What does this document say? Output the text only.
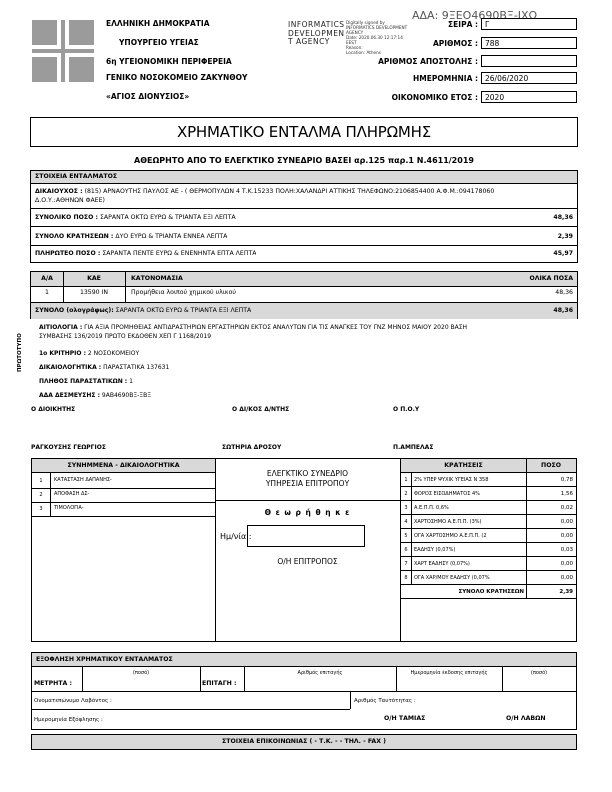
ΑΔΑ: 9ΞΕΟ4690ΒΞ-ΙΧΩ
ΕΛΛΗΝΙΚΗ ΔΗΜΟΚΡΑΤΙΑ
ΥΠΟΥΡΓΕΙΟ ΥΓΕΙΑΣ
6η ΥΓΕΙΟΝΟΜΙΚΗ ΠΕΡΙΦΕΡΕΙΑ
ΓΕΝΙΚΟ ΝΟΣΟΚΟΜΕΙΟ ΖΑΚΥΝΘΟΥ
«ΑΓΙΟΣ ΔΙΟΝΥΣΙΟΣ»
INFORMATICS
DEVELOPMEN
T AGENCY
Digitally signed by
INFORMATICS DEVELOPMENT
AGENCY
Date: 2020.06.30 12:17:14
EEST
Reason:
Location: Athens
ΣΕΙΡΑ : Γ
ΑΡΙΘΜΟΣ : 788
ΑΡΙΘΜΟΣ ΑΠΟΣΤΟΛΗΣ :
ΗΜΕΡΟΜΗΝΙΑ : 26/06/2020
ΟΙΚΟΝΟΜΙΚΟ ΕΤΟΣ : 2020
ΧΡΗΜΑΤΙΚΟ ΕΝΤΑΛΜΑ ΠΛΗΡΩΜΗΣ
ΑΘΕΩΡΗΤΟ ΑΠΟ ΤΟ ΕΛΕΓΚΤΙΚΟ ΣΥΝΕΔΡΙΟ ΒΑΣΕΙ αρ.125 παρ.1 Ν.4611/2019
ΣΤΟΙΧΕΙΑ ΕΝΤΑΛΜΑΤΟΣ
ΔΙΚΑΙΟΥΧΟΣ : (815) ΑΡΝΑΟΥΤΗΣ ΠΑΥΛΟΣ ΑΕ - ( ΘΕΡΜΟΠΥΛΩΝ 4 Τ.Κ.15233 ΠΟΛΗ:ΧΑΛΑΝΔΡΙ ΑΤΤΙΚΗΣ ΤΗΛΕΦΩΝΟ:2106854400 Α.Φ.Μ.:094178060
Δ.Ο.Υ.:ΑΘΗΝΩΝ ΦΑΕΕ)
ΣΥΝΟΛΙΚΟ ΠΟΣΟ : ΣΑΡΑΝΤΑ ΟΚΤΩ ΕΥΡΩ & ΤΡΙΑΝΤΑ ΕΞΙ ΛΕΠΤΑ	48,36
ΣΥΝΟΛΟ ΚΡΑΤΗΣΕΩΝ : ΔΥΟ ΕΥΡΩ & ΤΡΙΑΝΤΑ ΕΝΝΕΑ ΛΕΠΤΑ	2,39
ΠΛΗΡΩΤΕΟ ΠΟΣΟ : ΣΑΡΑΝΤΑ ΠΕΝΤΕ ΕΥΡΩ & ΕΝΕΝΗΝΤΑ ΕΠΤΑ ΛΕΠΤΑ	45,97
Α/Α	ΚΑΕ	ΚΑΤΟΝΟΜΑΣΙΑ	ΟΛΙΚΑ ΠΟΣΑ
1	13590 ΙΝ	Προμήθεια λοιπού χημικού υλικού	48,36
ΣΥΝΟΛΟ (ολογράφως): ΣΑΡΑΝΤΑ ΟΚΤΩ ΕΥΡΩ & ΤΡΙΑΝΤΑ ΕΞΙ ΛΕΠΤΑ	48,36
ΑΙΤΙΟΛΟΓΙΑ : ΓΙΑ ΑΞΙΑ ΠΡΟΜΗΘΕΙΑΣ ΑΝΤΙΔΡΑΣΤΗΡΙΩΝ ΕΡΓΑΣΤΗΡΙΩΝ ΕΚΤΟΣ ΑΝΑΛΥΤΩΝ ΓΙΑ ΤΙΣ ΑΝΑΓΚΕΣ ΤΟΥ ΓΝΖ ΜΗΝΟΣ ΜΑΙΟΥ 2020 ΒΑΣΗ
ΣΥΜΒΑΣΗΣ 136/2019 ΠΡΩΤΟ ΕΚΔΟΘΕΝ ΧΕΠ Γ 1168/2019
1ο ΚΡΙΤΗΡΙΟ : 2 ΝΟΣΟΚΟΜΕΙΟΥ
ΔΙΚΑΙΟΛΟΓΗΤΙΚΑ : ΠΑΡΑΣΤΑΤΙΚΑ 137631
ΠΛΗΘΟΣ ΠΑΡΑΣΤΑΤΙΚΩΝ : 1
ΑΔΑ ΔΕΣΜΕΥΣΗΣ : 9ΑΒ4690ΒΞ-ΞΒΞ
ΠΡΩΤΟΤΥΠΟ
Ο ΔΙΟΙΚΗΤΗΣ	Ο ΔΙ/ΚΟΣ Δ/ΝΤΗΣ	Ο Π.Ο.Υ
ΡΑΓΚΟΥΣΗΣ ΓΕΩΡΓΙΟΣ	ΣΩΤΗΡΙΑ ΔΡΟΣΟΥ	Π.ΑΜΠΕΛΑΣ
ΣΥΝΗΜΜΕΝΑ - ΔΙΚΑΙΟΛΟΓΗΤΙΚΑ
1	ΚΑΤΑΣΤΑΣΗ ΔΑΠΑΝΗΣ-
2	ΑΠΟΦΑΣΗ ΔΣ-
3	ΤΙΜΟΛΟΓΙΑ-
ΕΛΕΓΚΤΙΚΟ ΣΥΝΕΔΡΙΟ
ΥΠΗΡΕΣΙΑ ΕΠΙΤΡΟΠΟΥ
Θ ε ω ρ ή θ η κ ε
Ημ/νία :
Ο/Η ΕΠΙΤΡΟΠΟΣ
ΚΡΑΤΗΣΕΙΣ	ΠΟΣΟ
1	2% ΥΠΕΡ ΨΥΧΙΚ ΥΓΕΙΑΣ Ν 358	0,78
2	ΦΟΡΟΣ ΕΙΣΟΔΗΜΑΤΟΣ 4%	1,56
3	Α.Ε.Π.Π. 0,6%	0,02
4	ΧΑΡΤΟΣΗΜΟ Α.Ε.Π.Π. (3%)	0,00
5	ΟΓΑ ΧΑΡΤΟΣΗΜΟ Α.Ε.Π.Π. (2	0,00
6	ΕΑΔΗΣΥ (0,07%)	0,03
7	ΧΑΡΤ ΕΑΔΗΣΥ (0,07%)	0,00
8	ΟΓΑ ΧΑΡ/ΜΟΥ ΕΑΔΗΣΥ (0,07%	0,00
ΣΥΝΟΛΟ ΚΡΑΤΗΣΕΩΝ	2,39
ΕΞΟΦΛΗΣΗ ΧΡΗΜΑΤΙΚΟΥ ΕΝΤΑΛΜΑΤΟΣ
ΜΕΤΡΗΤΑ :
(ποσό)
ΕΠΙΤΑΓΗ :
Αριθμός επιταγής	Ημερομηνία έκδοσης επιταγής	(ποσό)
Ονοματεπώνυμο Λαβόντος :	Αριθμός Ταυτότητας :
Ημερομηνία Εξόφλησης :	Ο/Η ΤΑΜΙΑΣ	Ο/Η ΛΑΒΩΝ
ΣΤΟΙΧΕΙΑ ΕΠΙΚΟΙΝΩΝΙΑΣ ( - Τ.Κ. - - ΤΗΛ. - FAX )
